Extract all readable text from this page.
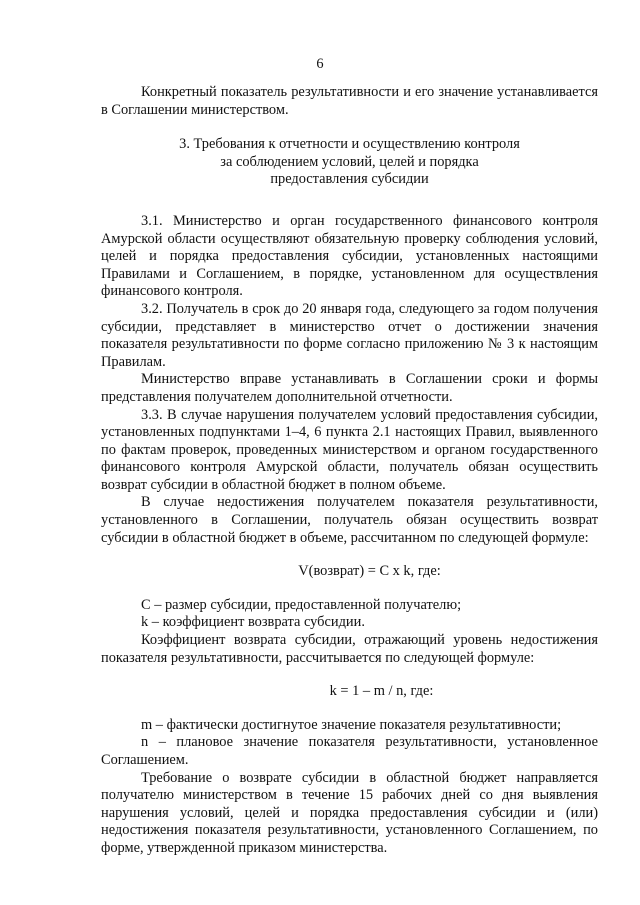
6

Конкретный показатель результативности и его значение устанавливается в Соглашении министерством.

3. Требования к отчетности и осуществлению контроля за соблюдением условий, целей и порядка предоставления субсидии

3.1. Министерство и орган государственного финансового контроля Амурской области осуществляют обязательную проверку соблюдения условий, целей и порядка предоставления субсидии, установленных настоящими Правилами и Соглашением, в порядке, установленном для осуществления финансового контроля.

3.2. Получатель в срок до 20 января года, следующего за годом получения субсидии, представляет в министерство отчет о достижении значения показателя результативности по форме согласно приложению № 3 к настоящим Правилам.

Министерство вправе устанавливать в Соглашении сроки и формы представления получателем дополнительной отчетности.

3.3. В случае нарушения получателем условий предоставления субсидии, установленных подпунктами 1–4, 6 пункта 2.1 настоящих Правил, выявленного по фактам проверок, проведенных министерством и органом государственного финансового контроля Амурской области, получатель обязан осуществить возврат субсидии в областной бюджет в полном объеме.

В случае недостижения получателем показателя результативности, установленного в Соглашении, получатель обязан осуществить возврат субсидии в областной бюджет в объеме, рассчитанном по следующей формуле:

V(возврат) = C x k, где:

C – размер субсидии, предоставленной получателю;

k – коэффициент возврата субсидии.

Коэффициент возврата субсидии, отражающий уровень недостижения показателя результативности, рассчитывается по следующей формуле:

k = 1 – m / n, где:

m – фактически достигнутое значение показателя результативности;

n – плановое значение показателя результативности, установленное Соглашением.

Требование о возврате субсидии в областной бюджет направляется получателю министерством в течение 15 рабочих дней со дня выявления нарушения условий, целей и порядка предоставления субсидии и (или) недостижения показателя результативности, установленного Соглашением, по форме, утвержденной приказом министерства.
